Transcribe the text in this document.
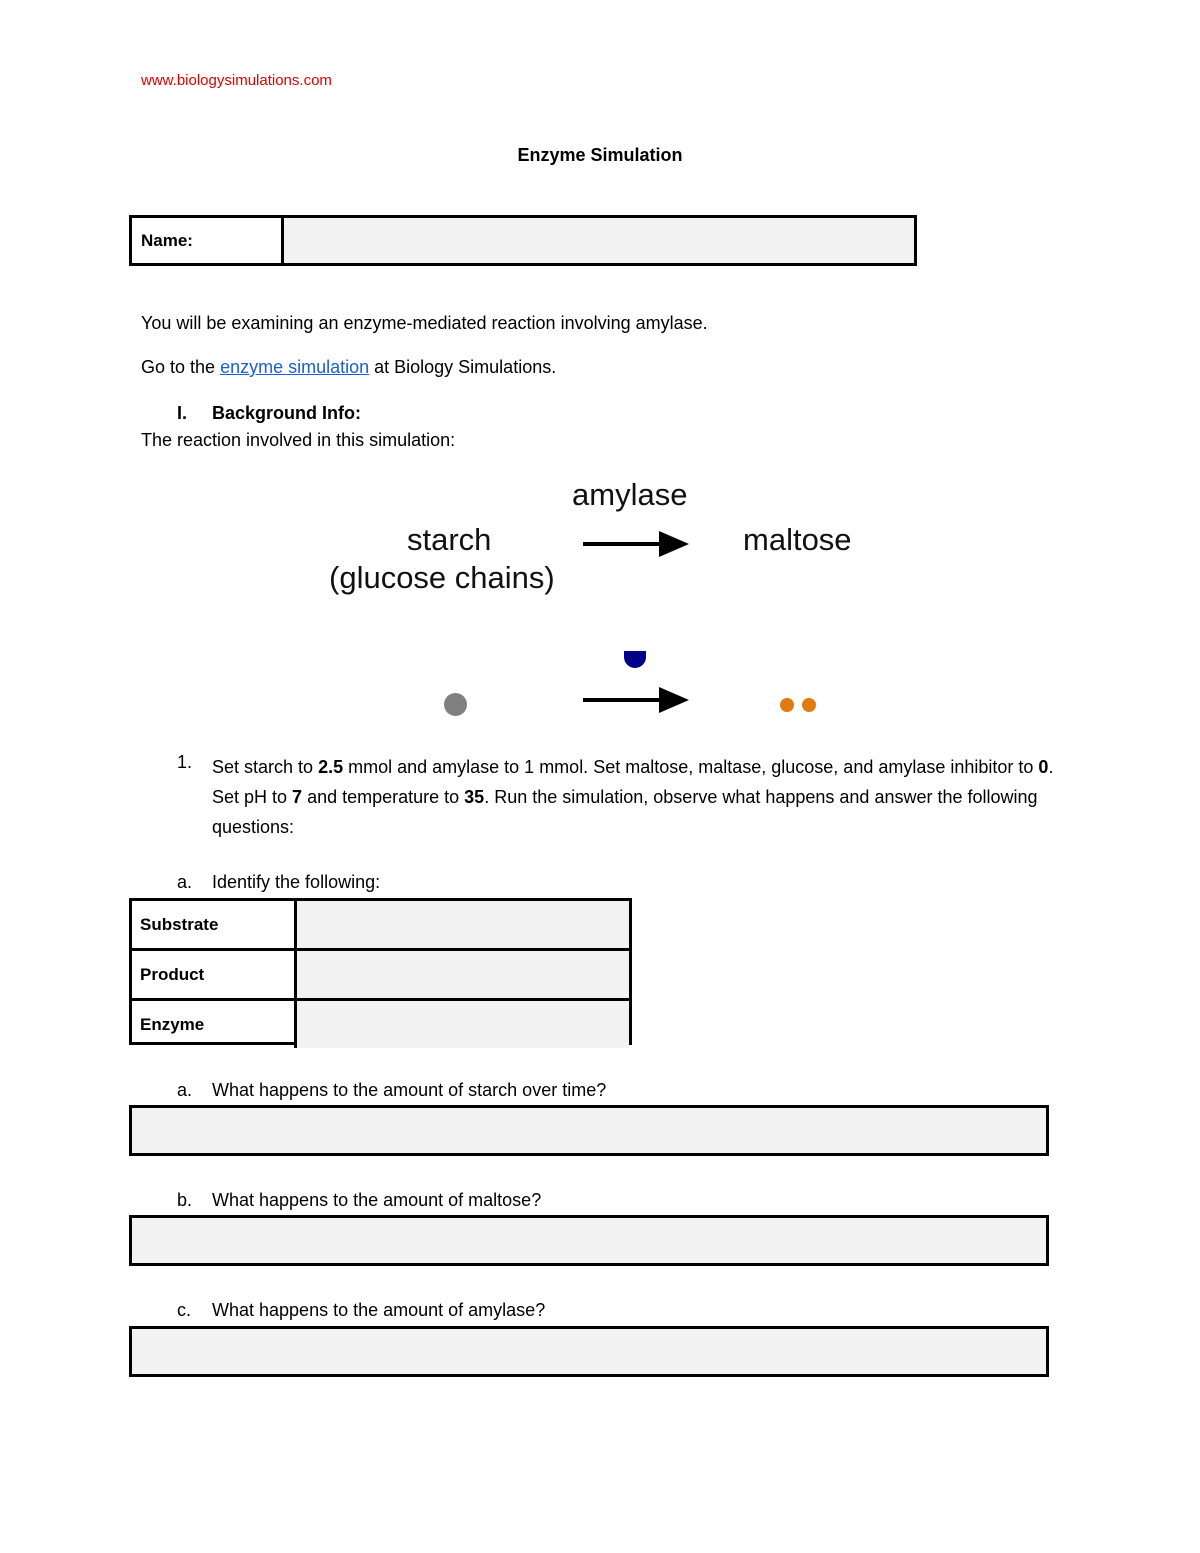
www.biologysimulations.com
Enzyme Simulation
Name:
You will be examining an enzyme-mediated reaction involving amylase.
Go to the enzyme simulation at Biology Simulations.
I. Background Info:
The reaction involved in this simulation:
amylase
starch
(glucose chains)
maltose
1. Set starch to 2.5 mmol and amylase to 1 mmol. Set maltose, maltase, glucose, and amylase inhibitor to 0. Set pH to 7 and temperature to 35. Run the simulation, observe what happens and answer the following questions:
a. Identify the following:
Substrate
Product
Enzyme
a. What happens to the amount of starch over time?
b. What happens to the amount of maltose?
c. What happens to the amount of amylase?
